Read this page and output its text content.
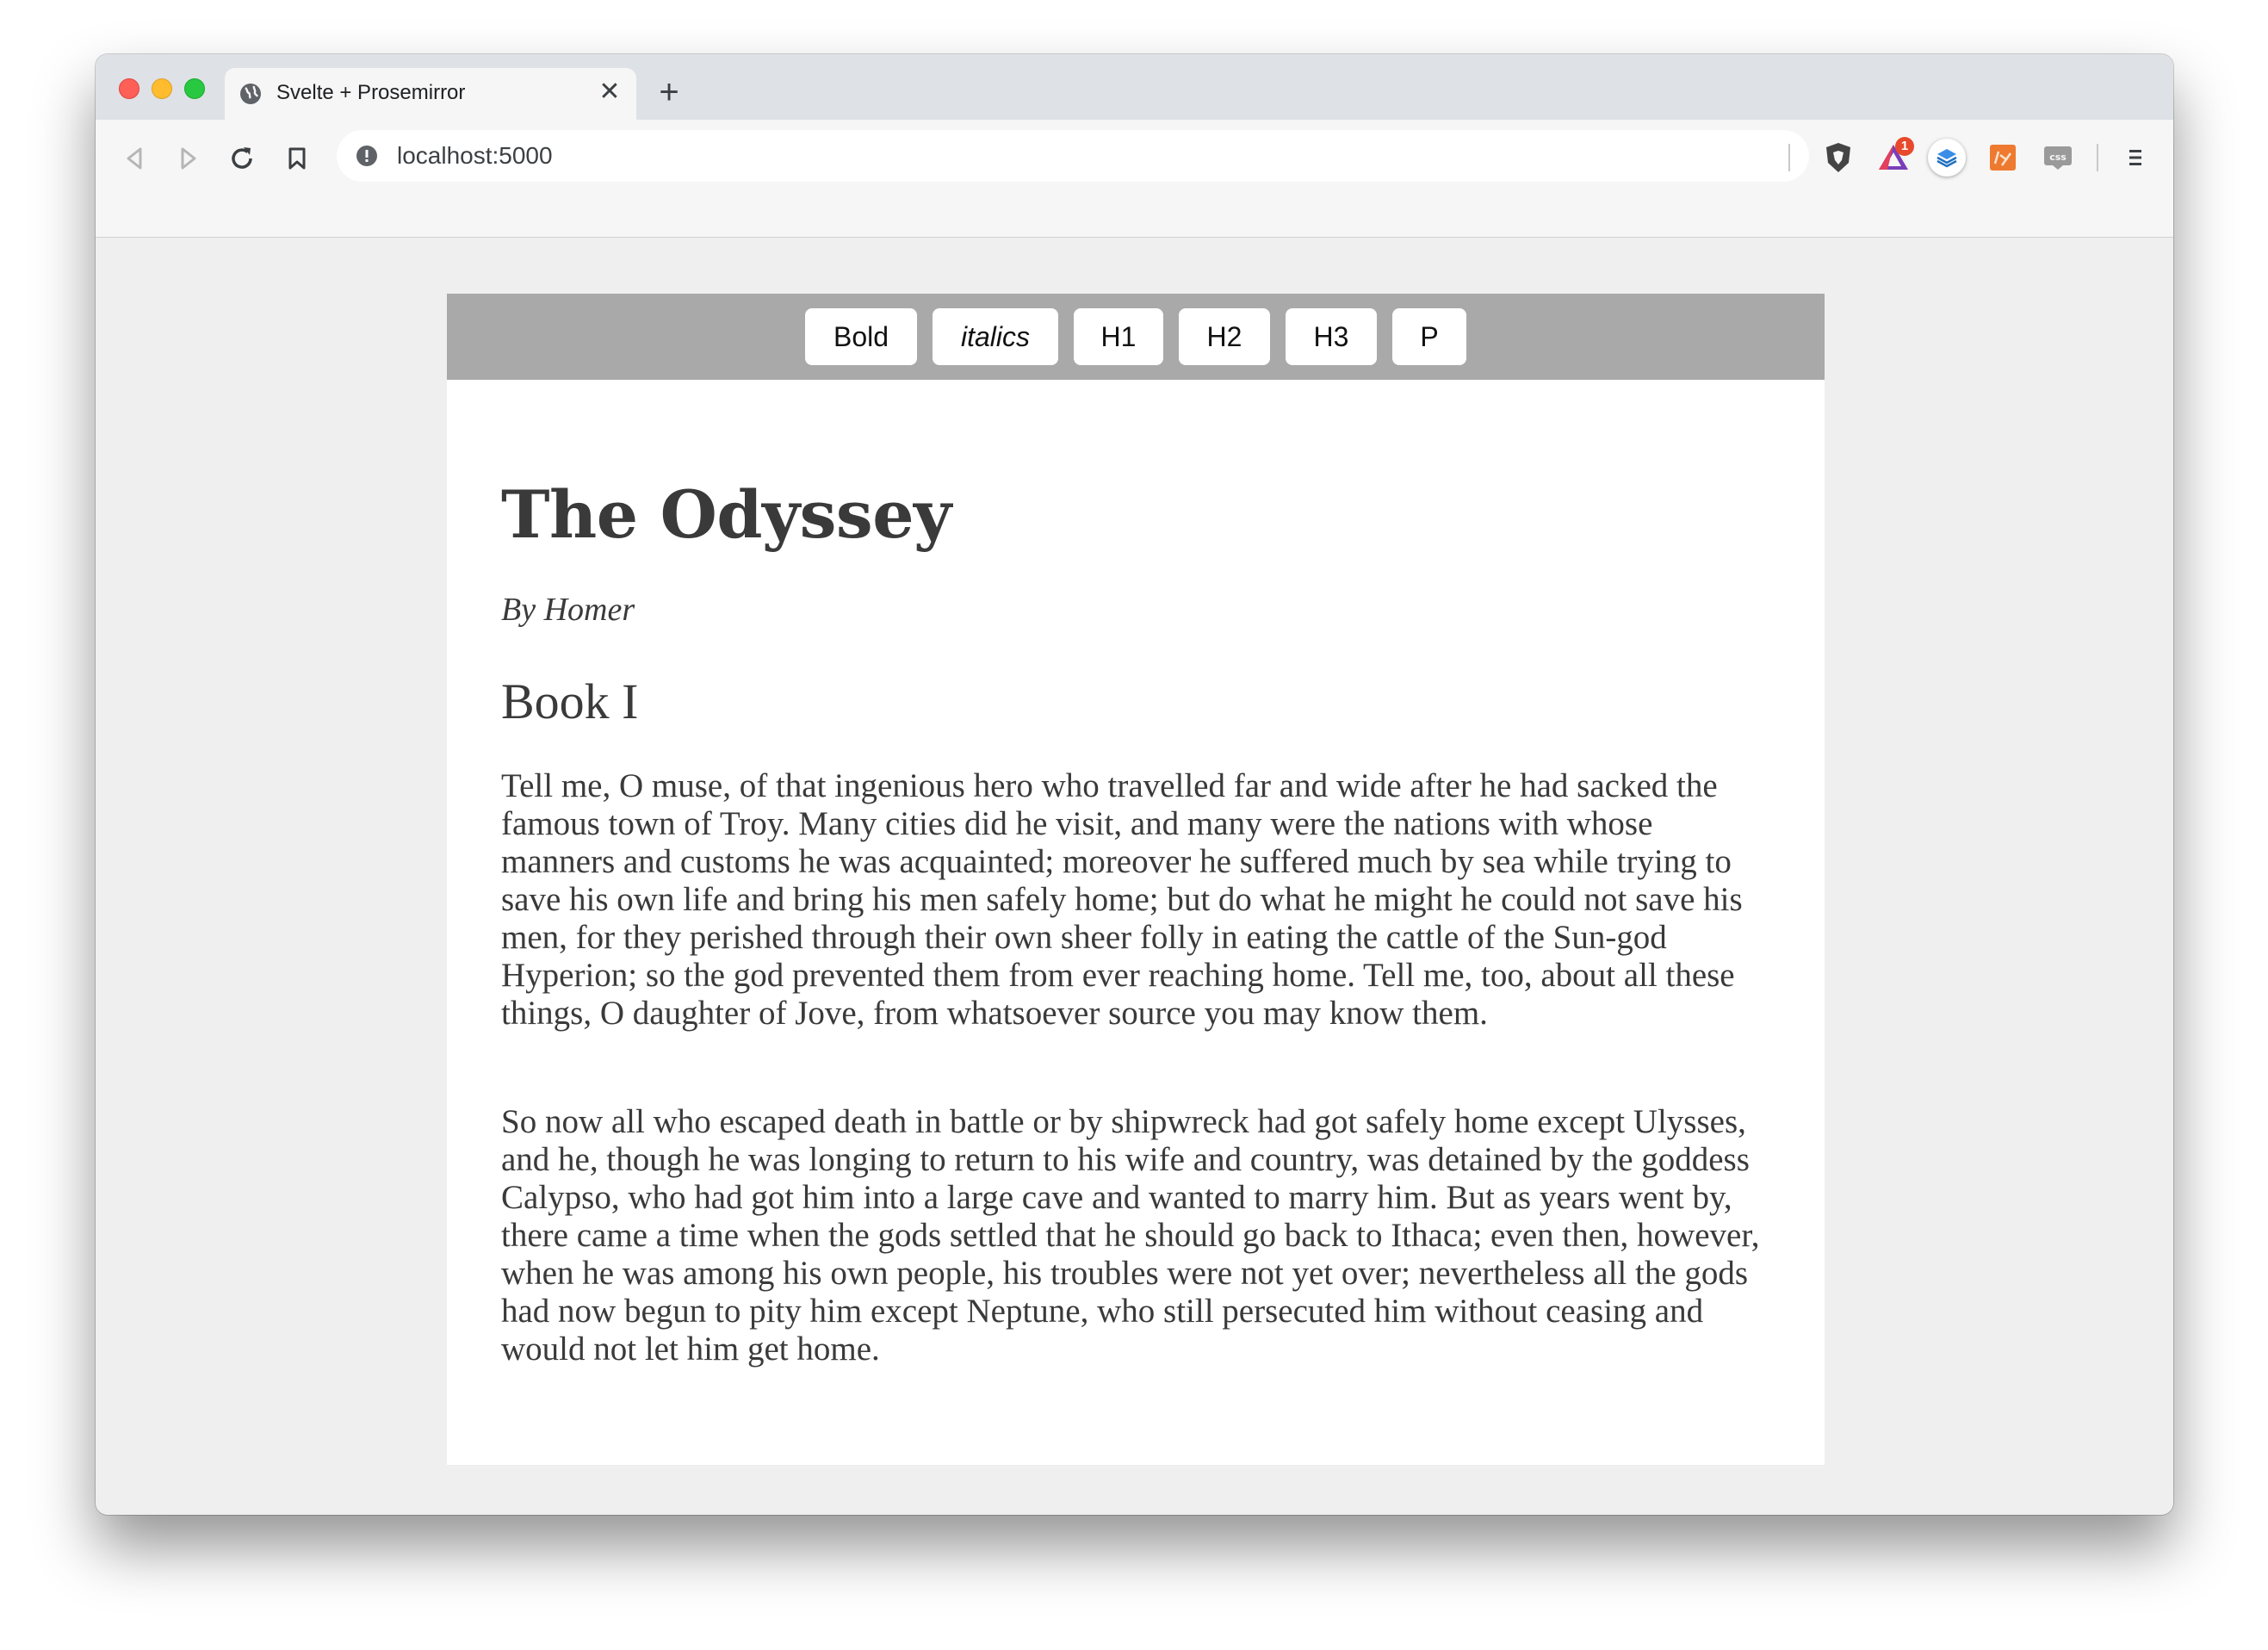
Svelte + Prosemirror	✕ +
localhost:5000	1
css
Bold	italics	H1	H2	H3	P
The Odyssey

By Homer

Book I

Tell me, O muse, of that ingenious hero who travelled far and wide after he had sacked the famous town of Troy. Many cities did he visit, and many were the nations with whose manners and customs he was acquainted; moreover he suffered much by sea while trying to save his own life and bring his men safely home; but do what he might he could not save his men, for they perished through their own sheer folly in eating the cattle of the Sun-god Hyperion; so the god prevented them from ever reaching home. Tell me, too, about all these things, O daughter of Jove, from whatsoever source you may know them.

So now all who escaped death in battle or by shipwreck had got safely home except Ulysses, and he, though he was longing to return to his wife and country, was detained by the goddess Calypso, who had got him into a large cave and wanted to marry him. But as years went by, there came a time when the gods settled that he should go back to Ithaca; even then, however, when he was among his own people, his troubles were not yet over; nevertheless all the gods had now begun to pity him except Neptune, who still persecuted him without ceasing and would not let him get home.
